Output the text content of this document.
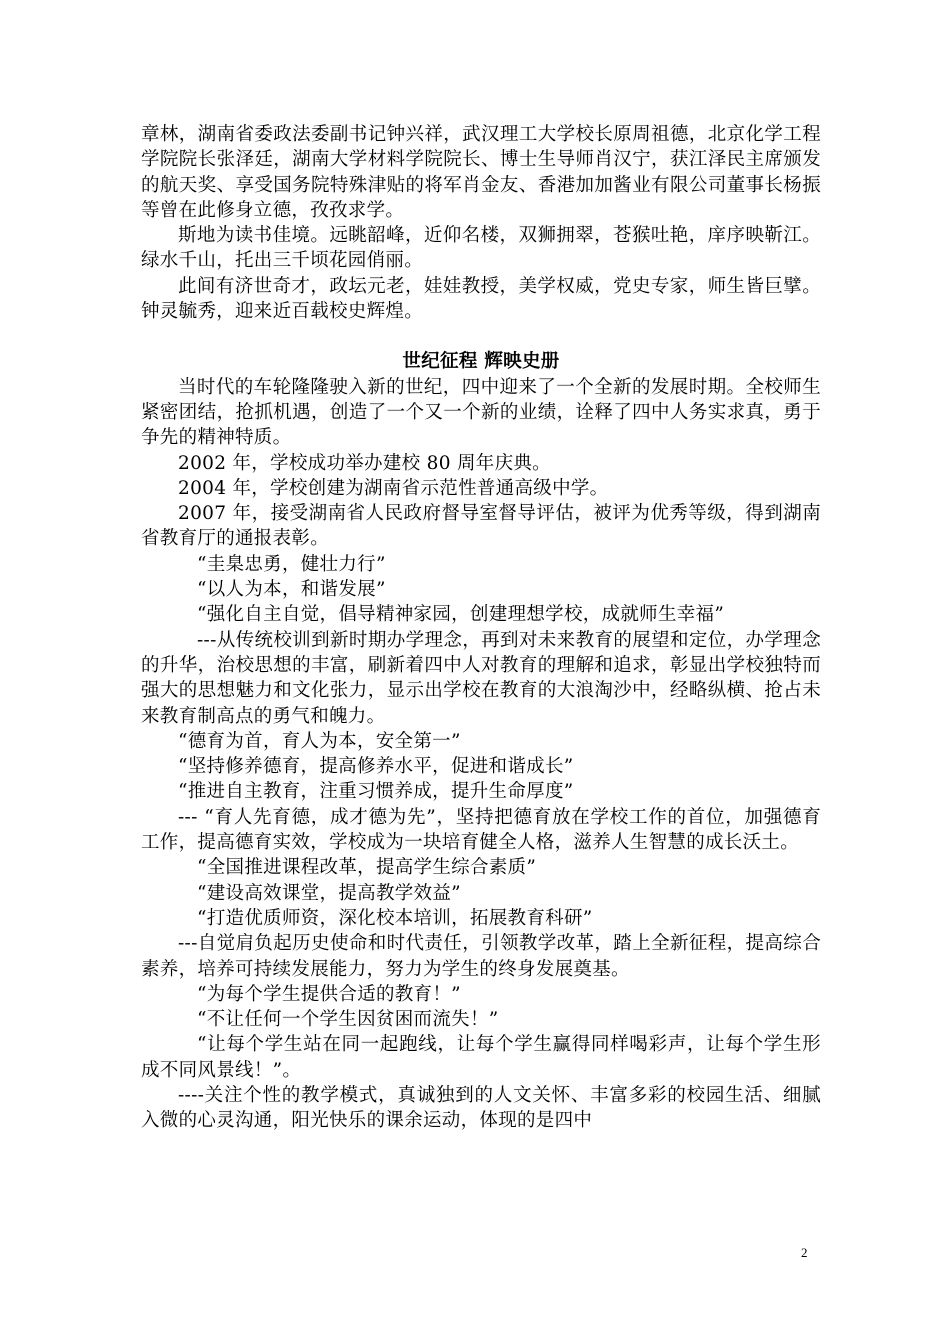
章林，湖南省委政法委副书记钟兴祥，武汉理工大学校长原周祖德，北京化学工程学院院长张泽廷，湖南大学材料学院院长、博士生导师肖汉宁，获江泽民主席颁发的航天奖、享受国务院特殊津贴的将军肖金友、香港加加酱业有限公司董事长杨振等曾在此修身立德，孜孜求学。

斯地为读书佳境。远眺韶峰，近仰名楼，双狮拥翠，苍猴吐艳，庠序映靳江。绿水千山，托出三千顷花园俏丽。

此间有济世奇才，政坛元老，娃娃教授，美学权威，党史专家，师生皆巨擘。钟灵毓秀，迎来近百载校史辉煌。

世纪征程 辉映史册

当时代的车轮隆隆驶入新的世纪，四中迎来了一个全新的发展时期。全校师生紧密团结，抢抓机遇，创造了一个又一个新的业绩，诠释了四中人务实求真，勇于争先的精神特质。

2002 年，学校成功举办建校 80 周年庆典。

2004 年，学校创建为湖南省示范性普通高级中学。

2007 年，接受湖南省人民政府督导室督导评估，被评为优秀等级，得到湖南省教育厅的通报表彰。

“圭臬忠勇，健壮力行”

“以人为本，和谐发展”

“强化自主自觉，倡导精神家园，创建理想学校，成就师生幸福”

---从传统校训到新时期办学理念，再到对未来教育的展望和定位，办学理念的升华，治校思想的丰富，刷新着四中人对教育的理解和追求，彰显出学校独特而强大的思想魅力和文化张力，显示出学校在教育的大浪淘沙中，经略纵横、抢占未来教育制高点的勇气和魄力。

“德育为首，育人为本，安全第一”

“坚持修养德育，提高修养水平，促进和谐成长”

“推进自主教育，注重习惯养成，提升生命厚度”

--- “育人先育德，成才德为先”，坚持把德育放在学校工作的首位，加强德育工作，提高德育实效，学校成为一块培育健全人格，滋养人生智慧的成长沃土。

“全国推进课程改革，提高学生综合素质”

“建设高效课堂，提高教学效益”

“打造优质师资，深化校本培训，拓展教育科研”

---自觉肩负起历史使命和时代责任，引领教学改革，踏上全新征程，提高综合素养，培养可持续发展能力，努力为学生的终身发展奠基。

“为每个学生提供合适的教育！”

“不让任何一个学生因贫困而流失！”

“让每个学生站在同一起跑线，让每个学生赢得同样喝彩声，让每个学生形成不同风景线！”。

----关注个性的教学模式，真诚独到的人文关怀、丰富多彩的校园生活、细腻入微的心灵沟通，阳光快乐的课余运动，体现的是四中

2
